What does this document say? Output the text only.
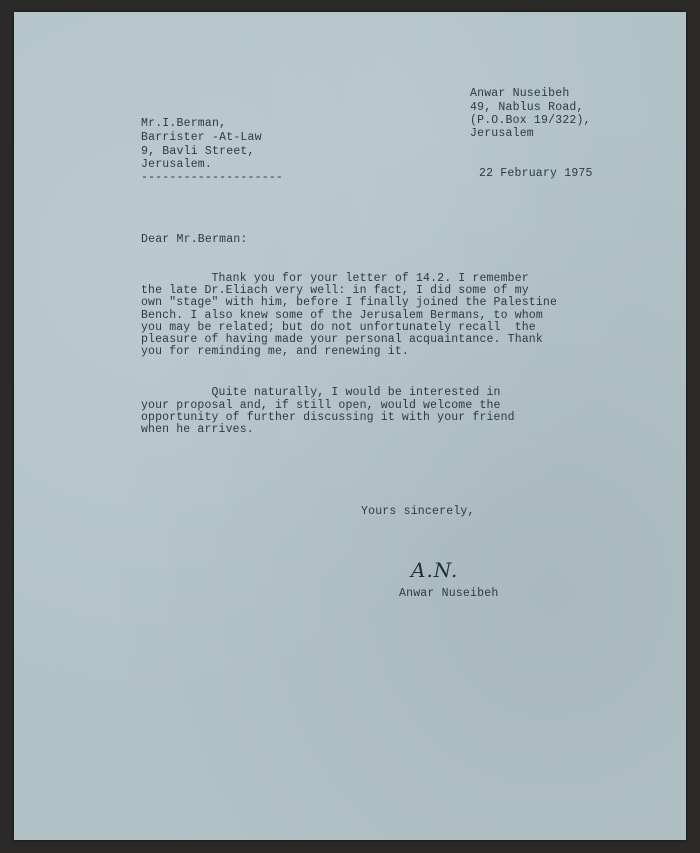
Anwar Nuseibeh
49, Nablus Road,
(P.O.Box 19/322),
Jerusalem
22 February 1975
Mr.I.Berman,
Barrister -At-Law
9, Bavli Street,
Jerusalem.
--------------------
Dear Mr.Berman:
Thank you for your letter of 14.2. I remember
the late Dr.Eliach very well: in fact, I did some of my
own "stage" with him, before I finally joined the Palestine
Bench. I also knew some of the Jerusalem Bermans, to whom
you may be related; but do not unfortunately recall  the
pleasure of having made your personal acquaintance. Thank
you for reminding me, and renewing it.
Quite naturally, I would be interested in
your proposal and, if still open, would welcome the
opportunity of further discussing it with your friend
when he arrives.
Yours sincerely,
A.N.
Anwar Nuseibeh
